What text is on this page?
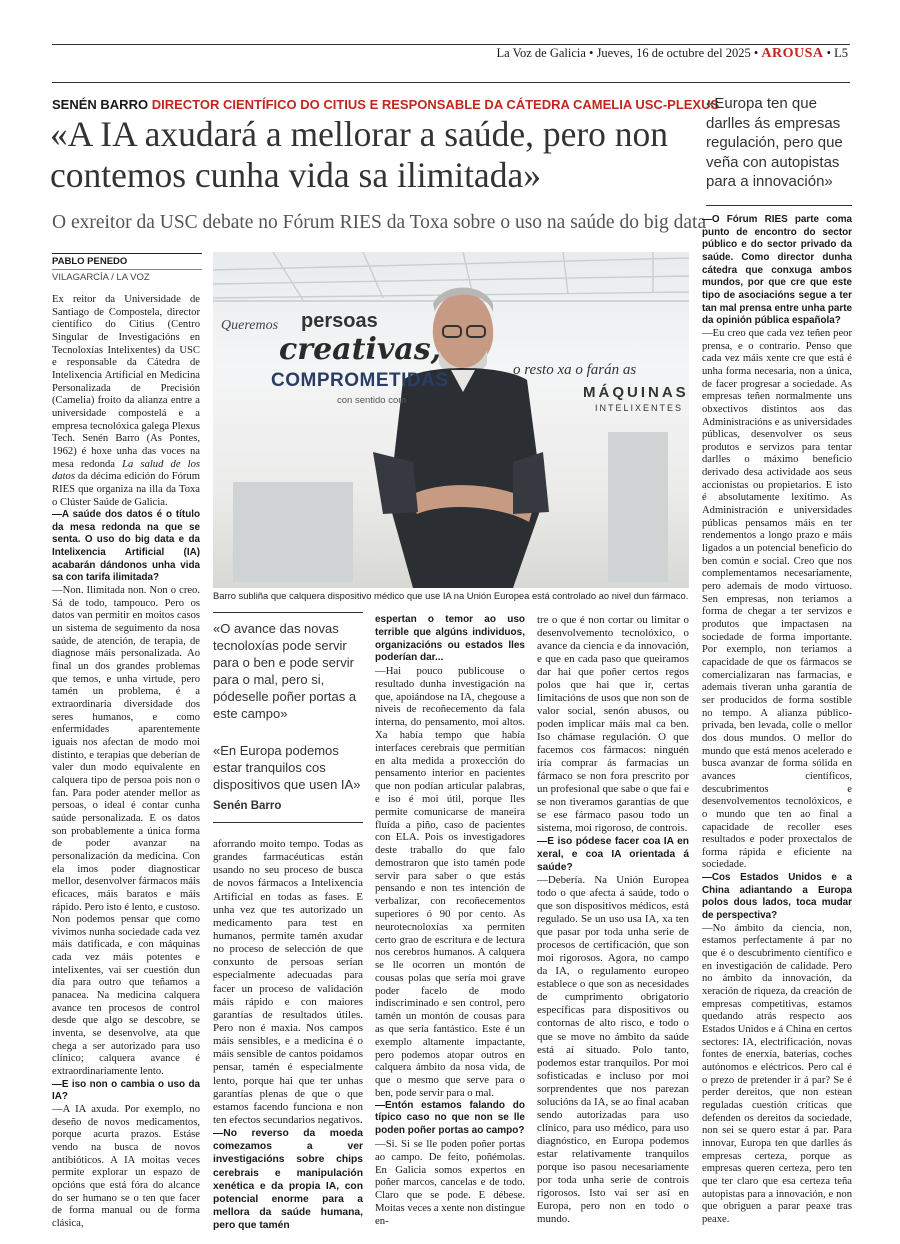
La Voz de Galicia • Jueves, 16 de octubre del 2025 • AROUSA • L5
SENÉN BARRO DIRECTOR CIENTÍFICO DO CITIUS E RESPONSABLE DA CÁTEDRA CAMELIA USC-PLEXUS
«A IA axudará a mellorar a saúde, pero non contemos cunha vida sa ilimitada»
O exreitor da USC debate no Fórum RIES da Toxa sobre o uso na saúde do big data
PABLO PENEDO
VILAGARCÍA / LA VOZ
«Europa ten que darlles ás empresas regulación, pero que veña con autopistas para a innovación»
Queremos persoas
creativas,
COMPROMETIDAS
con sentido com
o resto xa o farán as
MÁQUINAS
INTELIXENTES
Barro subliña que calquera dispositivo médico que use IA na Unión Europea está controlado ao nivel dun fármaco.

Ex reitor da Universidade de Santiago de Compostela, director científico do Citius (Centro Singular de Investigacións en Tecnoloxías Intelixentes) da USC e responsable da Cátedra de Intelixencia Artificial en Medicina Personalizada de Precisión (Camelia) froito da alianza entre a universidade compostelá e a empresa tecnolóxica galega Plexus Tech. Senén Barro (As Pontes, 1962) é hoxe unha das voces na mesa redonda La salud de los datos da décima edición do Fórum RIES que organiza na illa da Toxa o Clúster Saúde de Galicia.

—A saúde dos datos é o título da mesa redonda na que se senta. O uso do big data e da Intelixencia Artificial (IA) acabarán dándonos unha vida sa con tarifa ilimitada?

—Non. Ilimitada non. Non o creo. Sá de todo, tampouco. Pero os datos van permitir en moitos casos un sistema de seguimento da nosa saúde, de atención, de terapia, de diagnose máis personalizada. Ao final un dos grandes problemas que temos, e unha virtude, pero tamén un problema, é a extraordinaria diversidade dos seres humanos, e como enfermidades aparentemente iguais nos afectan de modo moi distinto, e terapias que deberían de valer dun modo equivalente en calquera tipo de persoa pois non o fan. Para poder atender mellor as persoas, o ideal é contar cunha saúde personalizada. E os datos son probablemente a única forma de poder avanzar na personalización da medicina. Con ela imos poder diagnosticar mellor, desenvolver fármacos máis eficaces, máis baratos e máis rápido. Pero isto é lento, e custoso. Non podemos pensar que como vivimos nunha sociedade cada vez máis datificada, e con máquinas cada vez máis potentes e intelixentes, vai ser cuestión dun día para outro que teñamos a panacea. Na medicina calquera avance ten procesos de control desde que algo se descobre, se inventa, se desenvolve, ata que chega a ser autorizado para uso clínico; calquera avance é extraordinariamente lento.

—E iso non o cambia o uso da IA?

—A IA axuda. Por exemplo, no deseño de novos medicamentos, porque acurta prazos. Estáse vendo na busca de novos antibióticos. A IA moitas veces permite explorar un espazo de opcións que está fóra do alcance do ser humano se o ten que facer de forma manual ou de forma clásica,

«O avance das novas tecnoloxías pode servir para o ben e pode servir para o mal, pero si, pódeselle poñer portas a este campo»
«En Europa podemos estar tranquilos cos dispositivos que usen IA»
Senén Barro

aforrando moito tempo. Todas as grandes farmacéuticas están usando no seu proceso de busca de novos fármacos a Intelixencia Artificial en todas as fases. E unha vez que tes autorizado un medicamento para test en humanos, permite tamén axudar no proceso de selección de que conxunto de persoas serían especialmente adecuadas para facer un proceso de validación máis rápido e con maiores garantías de resultados útiles. Pero non é maxia. Nos campos máis sensibles, e a medicina é o máis sensible de cantos poidamos pensar, tamén é especialmente lento, porque hai que ter unhas garantías plenas de que o que estamos facendo funciona e non ten efectos secundarios negativos.

—No reverso da moeda comezamos a ver investigacións sobre chips cerebrais e manipulación xenética e da propia IA, con potencial enorme para a mellora da saúde humana, pero que tamén

espertan o temor ao uso terrible que algúns individuos, organizacións ou estados lles poderían dar...

—Hai pouco publicouse o resultado dunha investigación na que, apoiándose na IA, chegouse a niveis de recoñecemento da fala interna, do pensamento, moi altos. Xa había tempo que había interfaces cerebrais que permitían en alta medida a proxección do pensamento interior en pacientes que non podían articular palabras, e iso é moi útil, porque lles permite comunicarse de maneira fluída a piño, caso de pacientes con ELA. Pois os investigadores deste traballo do que falo demostraron que isto tamén pode servir para saber o que estás pensando e non tes intención de verbalizar, con recoñecementos superiores ó 90 por cento. As neurotecnoloxías xa permiten certo grao de escritura e de lectura nos cerebros humanos. A calquera se lle ocorren un montón de cousas polas que sería moi grave poder facelo de modo indiscriminado e sen control, pero tamén un montón de cousas para as que sería fantástico. Este é un exemplo altamente impactante, pero podemos atopar outros en calquera ámbito da nosa vida, de que o mesmo que serve para o ben, pode servir para o mal.

—Entón estamos falando do típico caso no que non se lle poden poñer portas ao campo?

—Si. Si se lle poden poñer portas ao campo. De feito, poñémolas. En Galicia somos expertos en poñer marcos, cancelas e de todo. Claro que se pode. E débese. Moitas veces a xente non distingue en-

tre o que é non cortar ou limitar o desenvolvemento tecnolóxico, o avance da ciencia e da innovación, e que en cada paso que queiramos dar hai que poñer certos regos polos que hai que ir, certas limitacións de usos que non son de valor social, senón abusos, ou poden implicar máis mal ca ben. Iso chámase regulación. O que facemos cos fármacos: ninguén iría comprar ás farmacias un fármaco se non fora prescrito por un profesional que sabe o que fai e se non tiveramos garantías de que se ese fármaco pasou todo un sistema, moi rigoroso, de controis.

—E iso pódese facer coa IA en xeral, e coa IA orientada á saúde?

—Debería. Na Unión Europea todo o que afecta á saúde, todo o que son dispositivos médicos, está regulado. Se un uso usa IA, xa ten que pasar por toda unha serie de procesos de certificación, que son moi rigorosos. Agora, no campo da IA, o regulamento europeo establece o que son as necesidades de cumprimento obrigatorio específicas para dispositivos ou contornas de alto risco, e todo o que se move no ámbito da saúde está aí situado. Polo tanto, podemos estar tranquilos. Por moi sofisticadas e incluso por moi sorprendentes que nos parezan solucións da IA, se ao final acaban sendo autorizadas para uso clínico, para uso médico, para uso diagnóstico, en Europa podemos estar relativamente tranquilos porque iso pasou necesariamente por toda unha serie de controis rigorosos. Isto vai ser así en Europa, pero non en todo o mundo.

—O Fórum RIES parte coma punto de encontro do sector público e do sector privado da saúde. Como director dunha cátedra que conxuga ambos mundos, por que cre que este tipo de asociacións segue a ter tan mal prensa entre unha parte da opinión pública española?

—Eu creo que cada vez teñen peor prensa, e o contrario. Penso que cada vez máis xente cre que está é unha forma necesaria, non a única, de facer progresar a sociedade. As empresas teñen normalmente uns obxectivos distintos aos das Administracións e as universidades públicas, desenvolver os seus produtos e servizos para tentar darlles o máximo beneficio derivado desa actividade aos seus accionistas ou propietarios. E isto é absolutamente lexítimo. As Administración e universidades públicas pensamos máis en ter rendementos a longo prazo e máis ligados a un potencial beneficio do ben común e social. Creo que nos complementamos necesariamente, pero ademais de modo virtuoso. Sen empresas, non teriamos a forma de chegar a ter servizos e produtos que impactasen na sociedade de forma importante. Por exemplo, non teriamos a capacidade de que os fármacos se comercializaran nas farmacias, e ademais tiveran unha garantía de ser producidos de forma sostible no tempo. A alianza público-privada, ben levada, colle o mellor dos dous mundos. O mellor do mundo que está menos acelerado e busca avanzar de forma sólida en avances científicos, descubrimentos e desenvolvementos tecnolóxicos, e o mundo que ten ao final a capacidade de recoller eses resultados e poder proxectalos de forma rápida e eficiente na sociedade.

—Cos Estados Unidos e a China adiantando a Europa polos dous lados, toca mudar de perspectiva?

—No ámbito da ciencia, non, estamos perfectamente á par no que é o descubrimento científico e en investigación de calidade. Pero no ámbito da innovación, da xeración de riqueza, da creación de empresas competitivas, estamos quedando atrás respecto aos Estados Unidos e á China en certos sectores: IA, electrificación, novas fontes de enerxía, baterías, coches autónomos e eléctricos. Pero cal é o prezo de pretender ir á par? Se é perder dereitos, que non estean reguladas cuestión críticas que defenden os dereitos da sociedade, non sei se quero estar á par. Para innovar, Europa ten que darlles ás empresas certeza, porque as empresas queren certeza, pero ten que ter claro que esa certeza teña autopistas para a innovación, e non que obriguen a parar peaxe tras peaxe.
